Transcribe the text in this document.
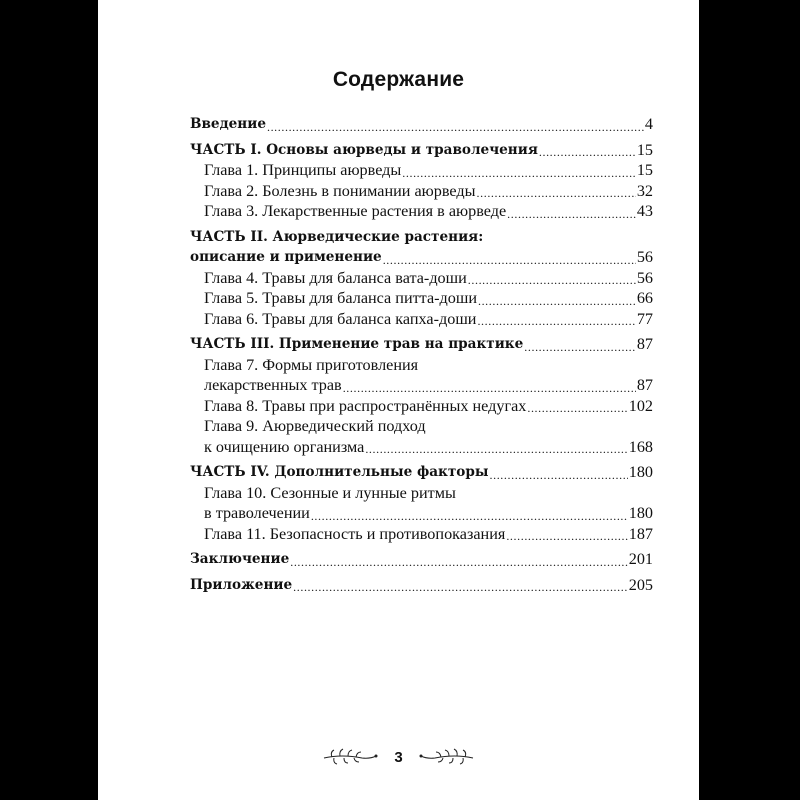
Содержание
Введение .....	4
ЧАСТЬ I. Основы аюрведы и траволечения .....	15
Глава 1. Принципы аюрведы .....	15
Глава 2. Болезнь в понимании аюрведы .....	32
Глава 3. Лекарственные растения в аюрведе .....	43
ЧАСТЬ II. Аюрведические растения:
описание и применение .....	56
Глава 4. Травы для баланса вата-доши .....	56
Глава 5. Травы для баланса питта-доши .....	66
Глава 6. Травы для баланса капха-доши .....	77
ЧАСТЬ III. Применение трав на практике .....	87
Глава 7. Формы приготовления
лекарственных трав .....	87
Глава 8. Травы при распространённых недугах .....	102
Глава 9. Аюрведический подход
к очищению организма .....	168
ЧАСТЬ IV. Дополнительные факторы .....	180
Глава 10. Сезонные и лунные ритмы
в траволечении .....	180
Глава 11. Безопасность и противопоказания .....	187
Заключение .....	201
Приложение .....	205
3
